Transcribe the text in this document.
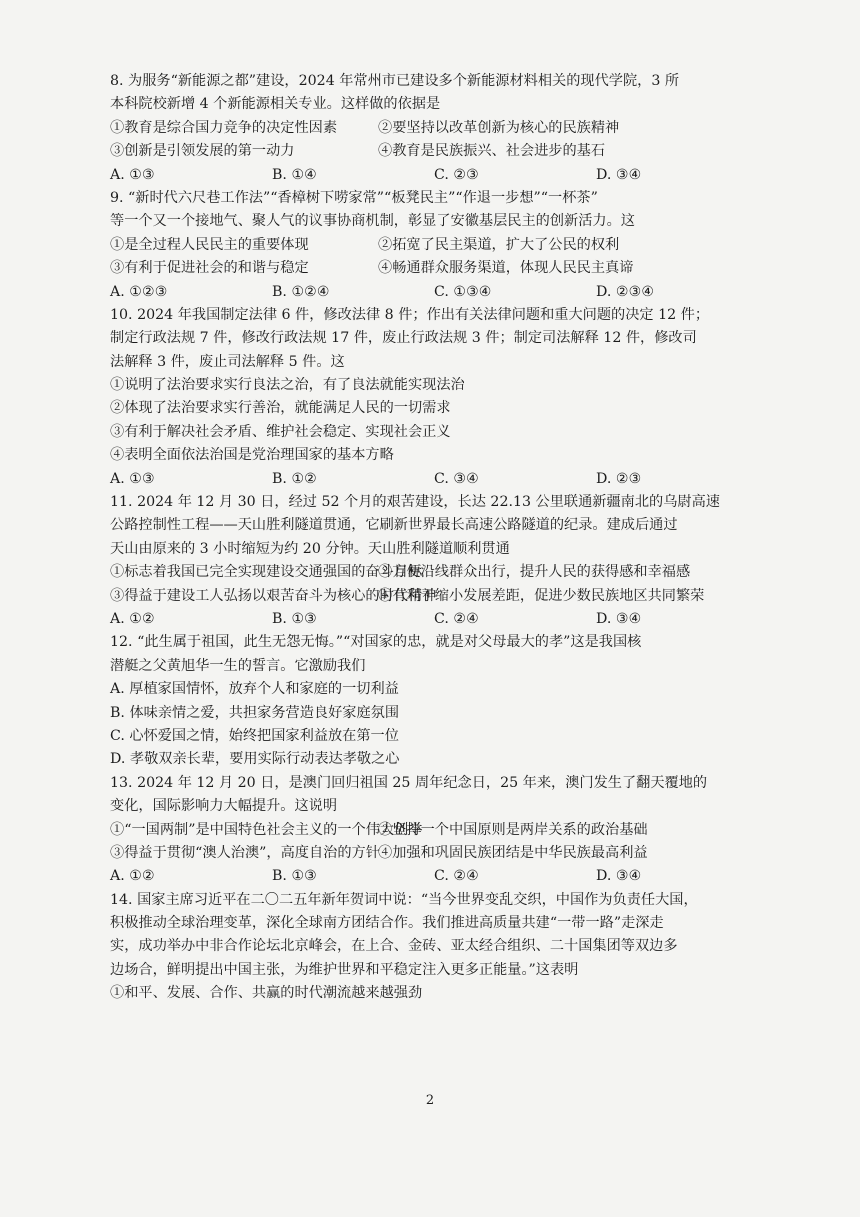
8. 为服务“新能源之都”建设，2024 年常州市已建设多个新能源材料相关的现代学院，3 所
本科院校新增 4 个新能源相关专业。这样做的依据是
①教育是综合国力竞争的决定性因素	②要坚持以改革创新为核心的民族精神
③创新是引领发展的第一动力	④教育是民族振兴、社会进步的基石
A. ①③	B. ①④	C. ②③	D. ③④
9. “新时代六尺巷工作法”“香樟树下唠家常”“板凳民主”“作退一步想”“一杯茶”
等一个又一个接地气、聚人气的议事协商机制，彰显了安徽基层民主的创新活力。这
①是全过程人民民主的重要体现	②拓宽了民主渠道，扩大了公民的权利
③有利于促进社会的和谐与稳定	④畅通群众服务渠道，体现人民民主真谛
A. ①②③	B. ①②④	C. ①③④	D. ②③④
10. 2024 年我国制定法律 6 件，修改法律 8 件；作出有关法律问题和重大问题的决定 12 件；
制定行政法规 7 件，修改行政法规 17 件，废止行政法规 3 件；制定司法解释 12 件，修改司
法解释 3 件，废止司法解释 5 件。这
①说明了法治要求实行良法之治，有了良法就能实现法治
②体现了法治要求实行善治，就能满足人民的一切需求
③有利于解决社会矛盾、维护社会稳定、实现社会正义
④表明全面依法治国是党治理国家的基本方略
A. ①③	B. ①②	C. ③④	D. ②③
11. 2024 年 12 月 30 日，经过 52 个月的艰苦建设，长达 22.13 公里联通新疆南北的乌尉高速
公路控制性工程——天山胜利隧道贯通，它刷新世界最长高速公路隧道的纪录。建成后通过
天山由原来的 3 小时缩短为约 20 分钟。天山胜利隧道顺利贯通
①标志着我国已完全实现建设交通强国的奋斗目标
②方便沿线群众出行，提升人民的获得感和幸福感
③得益于建设工人弘扬以艰苦奋斗为核心的时代精神
④有利于缩小发展差距，促进少数民族地区共同繁荣
A. ①②	B. ①③	C. ②④	D. ③④
12. “此生属于祖国，此生无怨无悔。”“对国家的忠，就是对父母最大的孝”这是我国核
潜艇之父黄旭华一生的誓言。它激励我们
A. 厚植家国情怀，放弃个人和家庭的一切利益
B. 体味亲情之爱，共担家务营造良好家庭氛围
C. 心怀爱国之情，始终把国家利益放在第一位
D. 孝敬双亲长辈，要用实际行动表达孝敬之心
13. 2024 年 12 月 20 日，是澳门回归祖国 25 周年纪念日，25 年来，澳门发生了翻天覆地的
变化，国际影响力大幅提升。这说明
①“一国两制”是中国特色社会主义的一个伟大创举
②坚持一个中国原则是两岸关系的政治基础
③得益于贯彻“澳人治澳”，高度自治的方针
④加强和巩固民族团结是中华民族最高利益
A. ①②	B. ①③	C. ②④	D. ③④
14. 国家主席习近平在二〇二五年新年贺词中说：“当今世界变乱交织，中国作为负责任大国，
积极推动全球治理变革，深化全球南方团结合作。我们推进高质量共建“一带一路”走深走
实，成功举办中非合作论坛北京峰会，在上合、金砖、亚太经合组织、二十国集团等双边多
边场合，鲜明提出中国主张，为维护世界和平稳定注入更多正能量。”这表明
①和平、发展、合作、共赢的时代潮流越来越强劲
2
